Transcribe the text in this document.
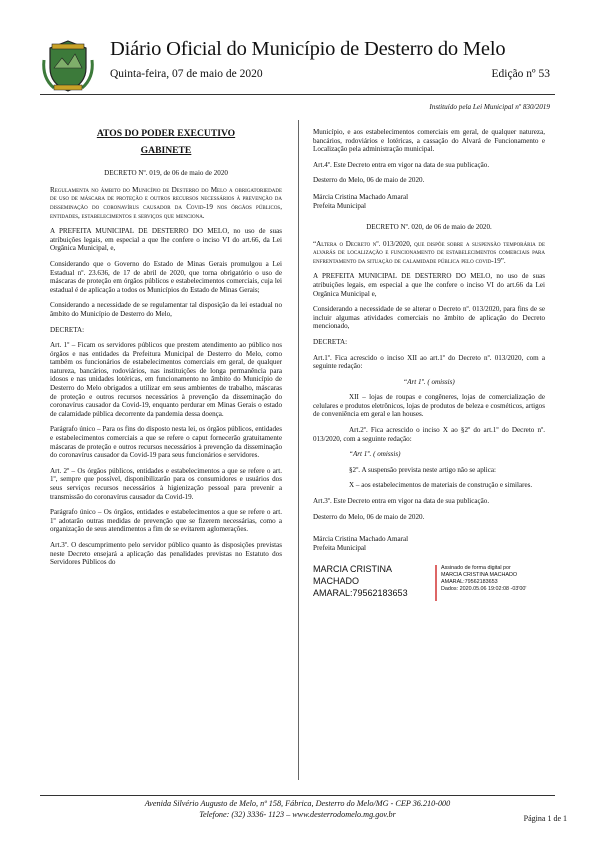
Diário Oficial do Município de Desterro do Melo
Quinta-feira, 07 de maio de 2020	Edição nº 53
Instituído pela Lei Municipal nº 830/2019
ATOS DO PODER EXECUTIVO
GABINETE
DECRETO Nº. 019, de 06 de maio de 2020

Regulamenta no âmbito do Município de Desterro do Melo a obrigatoriedade de uso de máscara de proteção e outros recursos necessários à prevenção da disseminação do coronavírus causador da Covid-19 nos órgãos públicos, entidades, estabelecimentos e serviços que menciona.

A PREFEITA MUNICIPAL DE DESTERRO DO MELO, no uso de suas atribuições legais, em especial a que lhe confere o inciso VI do art.66, da Lei Orgânica Municipal, e,

Considerando que o Governo do Estado de Minas Gerais promulgou a Lei Estadual nº. 23.636, de 17 de abril de 2020, que torna obrigatório o uso de máscaras de proteção em órgãos públicos e estabelecimentos comerciais, cuja lei estadual é de aplicação a todos os Municípios do Estado de Minas Gerais;

Considerando a necessidade de se regulamentar tal disposição da lei estadual no âmbito do Município de Desterro do Melo,

DECRETA:

Art. 1º – Ficam os servidores públicos que prestem atendimento ao público nos órgãos e nas entidades da Prefeitura Municipal de Desterro do Melo, como também os funcionários de estabelecimentos comerciais em geral, de qualquer natureza, bancários, rodoviários, nas instituições de longa permanência para idosos e nas unidades lotéricas, em funcionamento no âmbito do Município de Desterro do Melo obrigados a utilizar em seus ambientes de trabalho, máscaras de proteção e outros recursos necessários à prevenção da disseminação do coronavírus causador da Covid-19, enquanto perdurar em Minas Gerais o estado de calamidade pública decorrente da pandemia dessa doença.

Parágrafo único – Para os fins do disposto nesta lei, os órgãos públicos, entidades e estabelecimentos comerciais a que se refere o caput fornecerão gratuitamente máscaras de proteção e outros recursos necessários à prevenção da disseminação do coronavírus causador da Covid-19 para seus funcionários e servidores.

Art. 2º – Os órgãos públicos, entidades e estabelecimentos a que se refere o art. 1º, sempre que possível, disponibilizarão para os consumidores e usuários dos seus serviços recursos necessários à higienização pessoal para prevenir a transmissão do coronavírus causador da Covid-19.

Parágrafo único – Os órgãos, entidades e estabelecimentos a que se refere o art. 1º adotarão outras medidas de prevenção que se fizerem necessárias, como a organização de seus atendimentos a fim de se evitarem aglomerações.

Art.3º. O descumprimento pelo servidor público quanto às disposições previstas neste Decreto ensejará a aplicação das penalidades previstas no Estatuto dos Servidores Públicos do

Município, e aos estabelecimentos comerciais em geral, de qualquer natureza, bancários, rodoviários e lotéricas, a cassação do Alvará de Funcionamento e Localização pela administração municipal.

Art.4º. Este Decreto entra em vigor na data de sua publicação.

Desterro do Melo, 06 de maio de 2020.

Márcia Cristina Machado Amaral
Prefeita Municipal
DECRETO Nº. 020, de 06 de maio de 2020.

“Altera o Decreto nº. 013/2020, que dispõe sobre a suspensão temporária de alvarás de localização e funcionamento de estabelecimentos comerciais para enfrentamento da situação de calamidade pública pelo covid-19”.

A PREFEITA MUNICIPAL DE DESTERRO DO MELO, no uso de suas atribuições legais, em especial a que lhe confere o inciso VI do art.66 da Lei Orgânica Municipal e,

Considerando a necessidade de se alterar o Decreto nº. 013/2020, para fins de se incluir algumas atividades comerciais no âmbito de aplicação do Decreto mencionado,

DECRETA:

Art.1º. Fica acrescido o inciso XII ao art.1º do Decreto nº. 013/2020, com a seguinte redação:

“Art 1º. ( omissis)

XII – lojas de roupas e congêneres, lojas de comercialização de celulares e produtos eletrônicos, lojas de produtos de beleza e cosméticos, artigos de conveniência em geral e lan houses.

Art.2º. Fica acrescido o inciso X ao §2º do art.1º do Decreto nº. 013/2020, com a seguinte redação:

“Art 1º. ( omissis)

§2º. A suspensão prevista neste artigo não se aplica:

X – aos estabelecimentos de materiais de construção e similares.

Art.3º. Este Decreto entra em vigor na data de sua publicação.

Desterro do Melo, 06 de maio de 2020.

Márcia Cristina Machado Amaral
Prefeita Municipal
MARCIA CRISTINA
MACHADO
AMARAL:79562183653
Assinado de forma digital por
MARCIA CRISTINA MACHADO
AMARAL:79562183653
Dados: 2020.05.06 19:02:08 -03'00'
Avenida Silvério Augusto de Melo, nº 158, Fábrica, Desterro do Melo/MG - CEP 36.210-000
Telefone: (32) 3336- 1123 – www.desterrodomelo.mg.gov.br	Página 1 de 1
